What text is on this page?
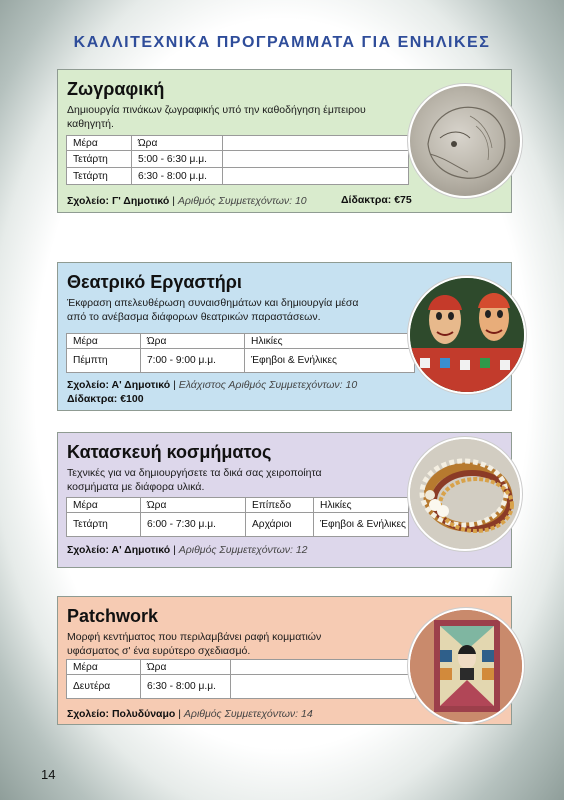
ΚΑΛΛΙΤΕΧΝΙΚΑ ΠΡΟΓΡΑΜΜΑΤΑ ΓΙΑ ΕΝΗΛΙΚΕΣ
Ζωγραφική
Δημιουργία πινάκων ζωγραφικής υπό την καθοδήγηση έμπειρου καθηγητή.
Μέρα	Ώρα	
Τετάρτη	5:00 - 6:30 μ.μ.	
Τετάρτη	6:30 - 8:00 μ.μ.	
Σχολείο: Γ' Δημοτικό | Αριθμός Συμμετεχόντων: 10	Δίδακτρα: €75
Θεατρικό Εργαστήρι
Έκφραση απελευθέρωση συναισθημάτων και δημιουργία μέσα από το ανέβασμα διάφορων θεατρικών παραστάσεων.
Μέρα	Ώρα	Ηλικίες
Πέμπτη	7:00 - 9:00 μ.μ.	Έφηβοι & Ενήλικες
Σχολείο: Α' Δημοτικό | Ελάχιστος Αριθμός Συμμετεχόντων: 10
Δίδακτρα: €100
Κατασκευή κοσμήματος
Τεχνικές για να δημιουργήσετε τα δικά σας χειροποίητα κοσμήματα με διάφορα υλικά.
Μέρα	Ώρα	Επίπεδο	Ηλικίες
Τετάρτη	6:00 - 7:30 μ.μ.	Αρχάριοι	Έφηβοι & Ενήλικες
Σχολείο: Α' Δημοτικό | Αριθμός Συμμετεχόντων: 12
Patchwork
Μορφή κεντήματος που περιλαμβάνει ραφή κομματιών υφάσματος σ' ένα ευρύτερο σχεδιασμό.
Μέρα	Ώρα	
Δευτέρα	6:30 - 8:00 μ.μ.	
Σχολείο: Πολυδύναμο | Αριθμός Συμμετεχόντων: 14
14
